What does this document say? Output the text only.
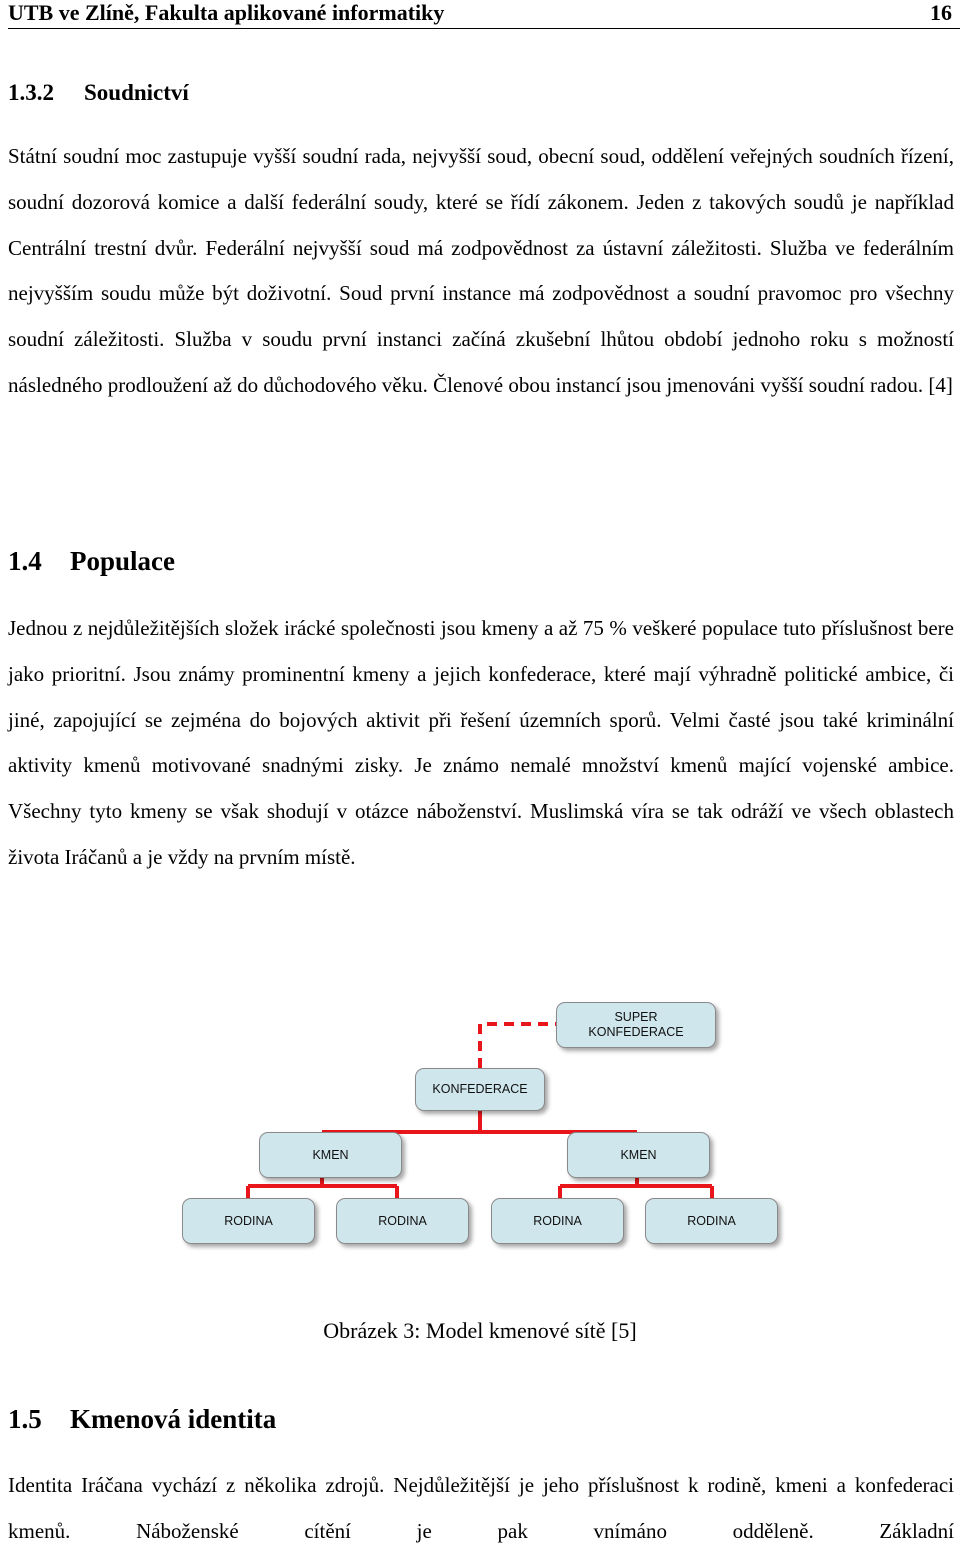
UTB ve Zlíně, Fakulta aplikované informatiky	16
1.3.2 Soudnictví

Státní soudní moc zastupuje vyšší soudní rada, nejvyšší soud, obecní soud, oddělení veřejných soudních řízení, soudní dozorová komice a další federální soudy, které se řídí zákonem. Jeden z takových soudů je například Centrální trestní dvůr. Federální nejvyšší soud má zodpovědnost za ústavní záležitosti. Služba ve federálním nejvyšším soudu může být doživotní. Soud první instance má zodpovědnost a soudní pravomoc pro všechny soudní záležitosti. Služba v soudu první instanci začíná zkušební lhůtou období jednoho roku s možností následného prodloužení až do důchodového věku. Členové obou instancí jsou jmenováni vyšší soudní radou. [4]

1.4 Populace

Jednou z nejdůležitějších složek irácké společnosti jsou kmeny a až 75 % veškeré populace tuto příslušnost bere jako prioritní. Jsou známy prominentní kmeny a jejich konfederace, které mají výhradně politické ambice, či jiné, zapojující se zejména do bojových aktivit při řešení územních sporů. Velmi časté jsou také kriminální aktivity kmenů motivované snadnými zisky. Je známo nemalé množství kmenů mající vojenské ambice. Všechny tyto kmeny se však shodují v otázce náboženství. Muslimská víra se tak odráží ve všech oblastech života Iráčanů a je vždy na prvním místě.

SUPER
KONFEDERACE
KONFEDERACE
KMEN	KMEN
RODINA	RODINA	RODINA	RODINA
Obrázek 3: Model kmenové sítě [5]
1.5 Kmenová identita

Identita Iráčana vychází z několika zdrojů. Nejdůležitější je jeho příslušnost k rodině, kmeni a konfederaci kmenů. Náboženské cítění je pak vnímáno odděleně. Základní
